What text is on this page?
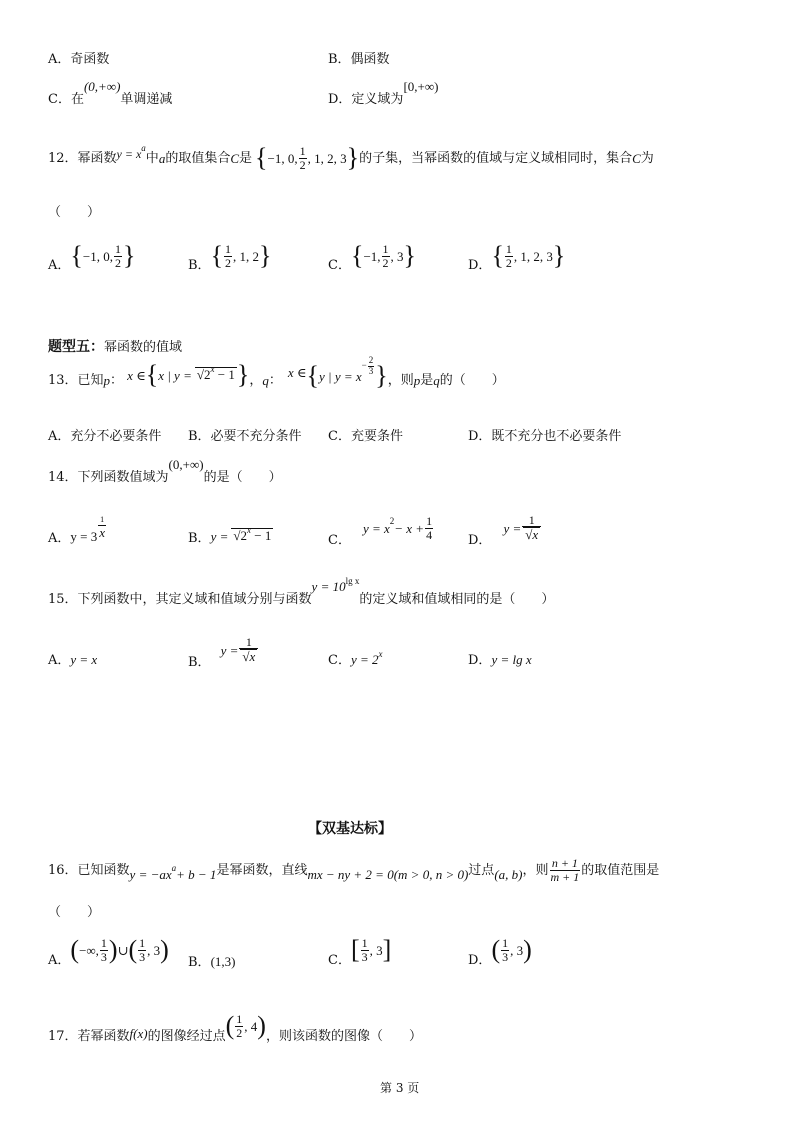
A．奇函数	B．偶函数
C．在(0,+∞)单调递减	D．定义域为[0,+∞)
12．幂函数 $y = x^a$
中 a 的取值集合 C 是 { −1, 0, $\frac{1}{2}$ , 1, 2, 3 } 的子集，当幂函数的值域与定义域相同时，集合 C 为
（　　）
A． { −1, 0, $\frac{1}{2}$ }	B． { $\frac{1}{2}$ , 1, 2 }	C． { −1, $\frac{1}{2}$ , 3 }	D． { $\frac{1}{2}$ , 1, 2, 3 }
题型五：幂函数的值域
13．已知 p ： x ∈ { x | $y = √2^x - 1$ } ， q ：
x ∈ { y | y = x
− $\frac{2}{3}$ } ，则 p 是 q 的（　　）
A．充分不必要条件 B．必要不充分条件 C．充要条件	D．既不充分也不必要条件
14．下列函数值域为(0,+∞)的是（　　）
A． $y = 3 \frac{1}{x}$	B． $y = √2^x - 1$	C．
y = x $2 - x + \frac{1}{4}$	D．
$y = \frac{1}{√x}$
15．下列函数中，其定义域和值域分别与函数$y = 10^{lg x}$的定义域和值域相同的是（　　）
A．y = x	B．
$y = \frac{1}{√x}$	C．$y = 2^x$	D．y = lg x
【双基达标】
16．已知函数 y = −ax a + b − 1 是幂函数，直线 mx − ny + 2 = 0(m > 0, n > 0) 过点 (a, b) ，则 $\frac{n + 1}{m + 1}$ 的取值范围是
（　　）
A． ( −∞, $\frac{1}{3}$ ) ∪ ( $\frac{1}{3}$ , 3 ) B．(1,3)	C． [ $\frac{1}{3}$ , 3 ]	D． ( $\frac{1}{3}$ , 3 )
17．若幂函数 f(x) 的图像经过点 ( $\frac{1}{2}$ , 4 ) ，则该函数的图像（　　）
第 3 页
